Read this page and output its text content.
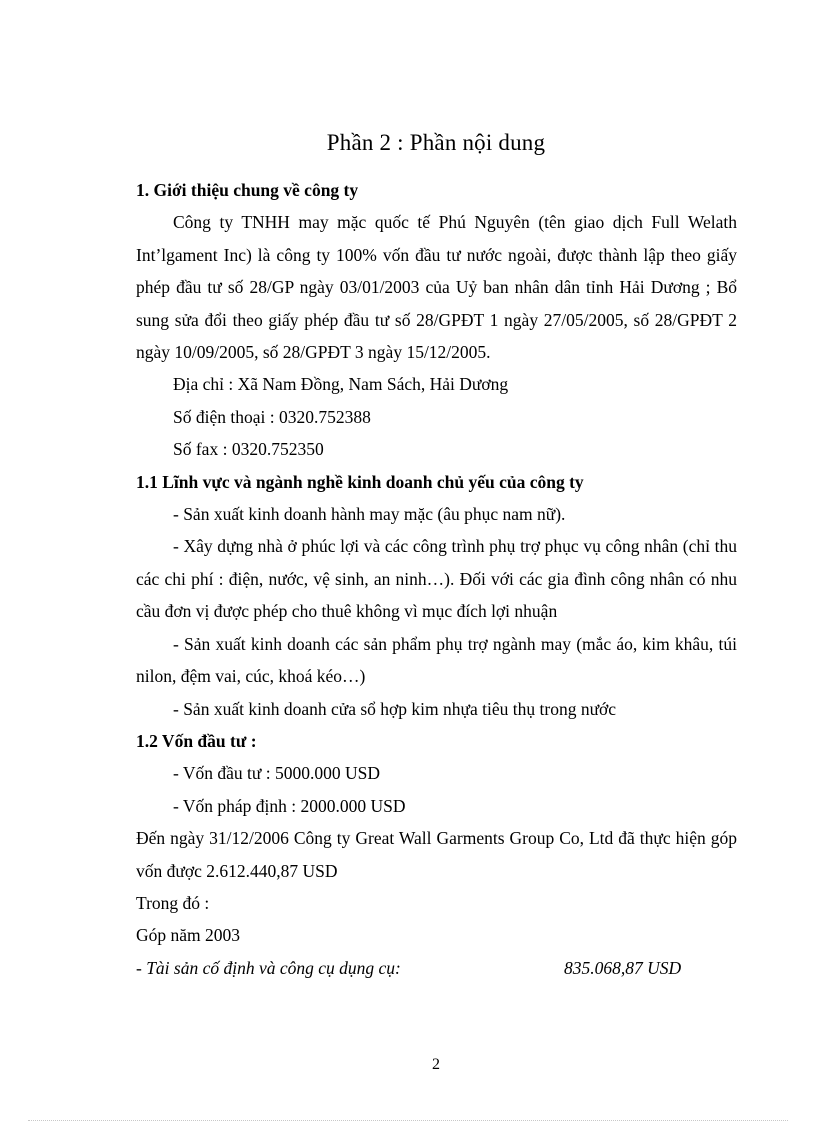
Phần 2 : Phần nội dung

1. Giới thiệu chung về công ty

Công ty TNHH may mặc quốc tế Phú Nguyên (tên giao dịch Full Welath Int’lgament Inc) là công ty 100% vốn đầu tư nước ngoài, được thành lập theo giấy phép đầu tư số 28/GP ngày 03/01/2003 của Uỷ ban nhân dân tỉnh Hải Dương ; Bổ sung sửa đổi theo giấy phép đầu tư số 28/GPĐT 1 ngày 27/05/2005, số 28/GPĐT 2 ngày 10/09/2005, số 28/GPĐT 3 ngày 15/12/2005.

Địa chỉ : Xã Nam Đồng, Nam Sách, Hải Dương

Số điện thoại : 0320.752388

Số fax : 0320.752350

1.1 Lĩnh vực và ngành nghề kinh doanh chủ yếu của công ty

- Sản xuất kinh doanh hành may mặc (âu phục nam nữ).

- Xây dựng nhà ở phúc lợi và các công trình phụ trợ phục vụ công nhân (chỉ thu các chi phí : điện, nước, vệ sinh, an ninh…). Đối với các gia đình công nhân có nhu cầu đơn vị được phép cho thuê không vì mục đích lợi nhuận

- Sản xuất kinh doanh các sản phẩm phụ trợ ngành may (mắc áo, kim khâu, túi nilon, đệm vai, cúc, khoá kéo…)

- Sản xuất kinh doanh cửa sổ hợp kim nhựa tiêu thụ trong nước

1.2 Vốn đầu tư :

- Vốn đầu tư : 5000.000 USD

- Vốn pháp định : 2000.000 USD

Đến ngày 31/12/2006 Công ty Great Wall Garments Group Co, Ltd đã thực hiện góp vốn được 2.612.440,87 USD

Trong đó :

Góp năm 2003

- Tài sản cố định và công cụ dụng cụ:	835.068,87 USD

2
